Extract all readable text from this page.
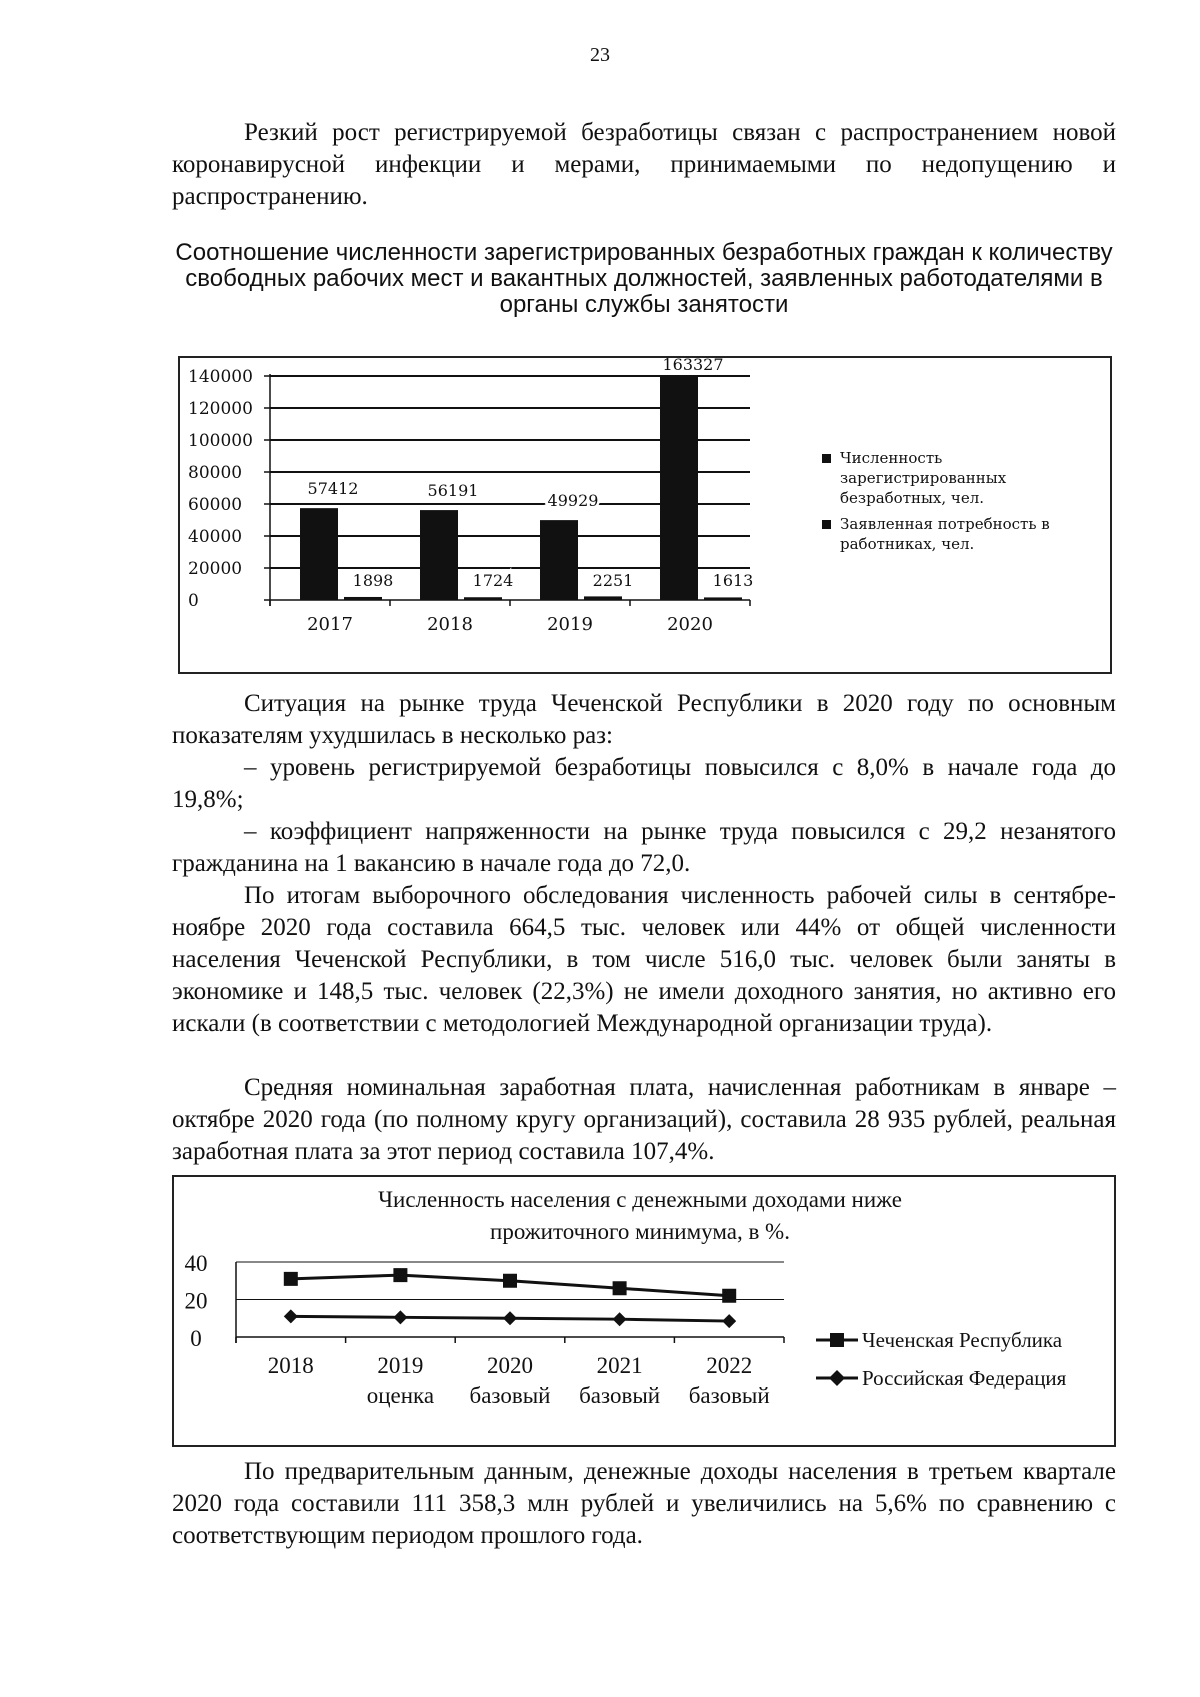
23

Резкий рост регистрируемой безработицы связан с распространением новой коронавирусной инфекции и мерами, принимаемыми по недопущению и распространению.

Соотношение численности зарегистрированных безработных граждан к количеству свободных рабочих мест и вакантных должностей, заявленных работодателями в органы службы занятости
0
20000
40000
60000
80000
100000
120000
140000
57412
1898
2017
56191
1724
2018
49929
2251
2019
163327
1613
2020
Численность зарегистрированных безработных, чел.
Заявленная потребность в работниках, чел.

Ситуация на рынке труда Чеченской Республики в 2020 году по основным показателям ухудшилась в несколько раз:

– уровень регистрируемой безработицы повысился с 8,0% в начале года до 19,8%;

– коэффициент напряженности на рынке труда повысился с 29,2 незанятого гражданина на 1 вакансию в начале года до 72,0.

По итогам выборочного обследования численность рабочей силы в сентябре-ноябре 2020 года составила 664,5 тыс. человек или 44% от общей численности населения Чеченской Республики, в том числе 516,0 тыс. человек были заняты в экономике и 148,5 тыс. человек (22,3%) не имели доходного занятия, но активно его искали (в соответствии с методологией Международной организации труда).

Средняя номинальная заработная плата, начисленная работникам в январе – октябре 2020 года (по полному кругу организаций), составила 28 935 рублей, реальная заработная плата за этот период составила 107,4%.

Численность населения с денежными доходами ниже
прожиточного минимума, в %.
0
20
40
2018	2019
оценка
2020
базовый
2021
базовый
2022
базовый
Чеченская Республика
Российская Федерация

По предварительным данным, денежные доходы населения в третьем квартале 2020 года составили 111 358,3 млн рублей и увеличились на 5,6% по сравнению с соответствующим периодом прошлого года.
